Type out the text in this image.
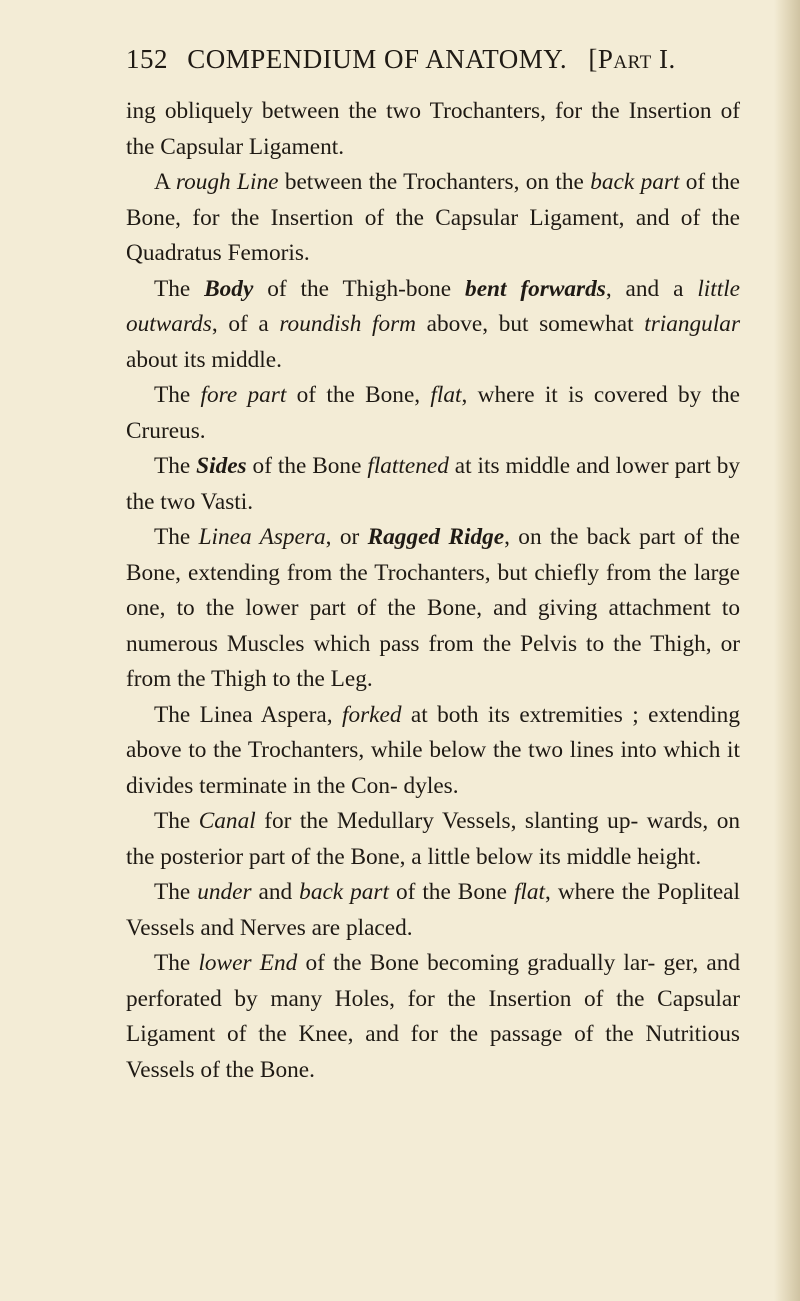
152 COMPENDIUM OF ANATOMY. [Part I.

ing obliquely between the two Trochanters, for the Insertion of the Capsular Ligament.

A rough Line between the Trochanters, on the back part of the Bone, for the Insertion of the Capsular Ligament, and of the Quadratus Femoris.

The Body of the Thigh-bone bent forwards, and a little outwards, of a roundish form above, but somewhat triangular about its middle.

The fore part of the Bone, flat, where it is covered by the Crureus.

The Sides of the Bone flattened at its middle and lower part by the two Vasti.

The Linea Aspera, or Ragged Ridge, on the back part of the Bone, extending from the Trochanters, but chiefly from the large one, to the lower part of the Bone, and giving attachment to numerous Muscles which pass from the Pelvis to the Thigh, or from the Thigh to the Leg.

The Linea Aspera, forked at both its extremities ; extending above to the Trochanters, while below the two lines into which it divides terminate in the Con- dyles.

The Canal for the Medullary Vessels, slanting up- wards, on the posterior part of the Bone, a little below its middle height.

The under and back part of the Bone flat, where the Popliteal Vessels and Nerves are placed.

The lower End of the Bone becoming gradually lar- ger, and perforated by many Holes, for the Insertion of the Capsular Ligament of the Knee, and for the passage of the Nutritious Vessels of the Bone.
